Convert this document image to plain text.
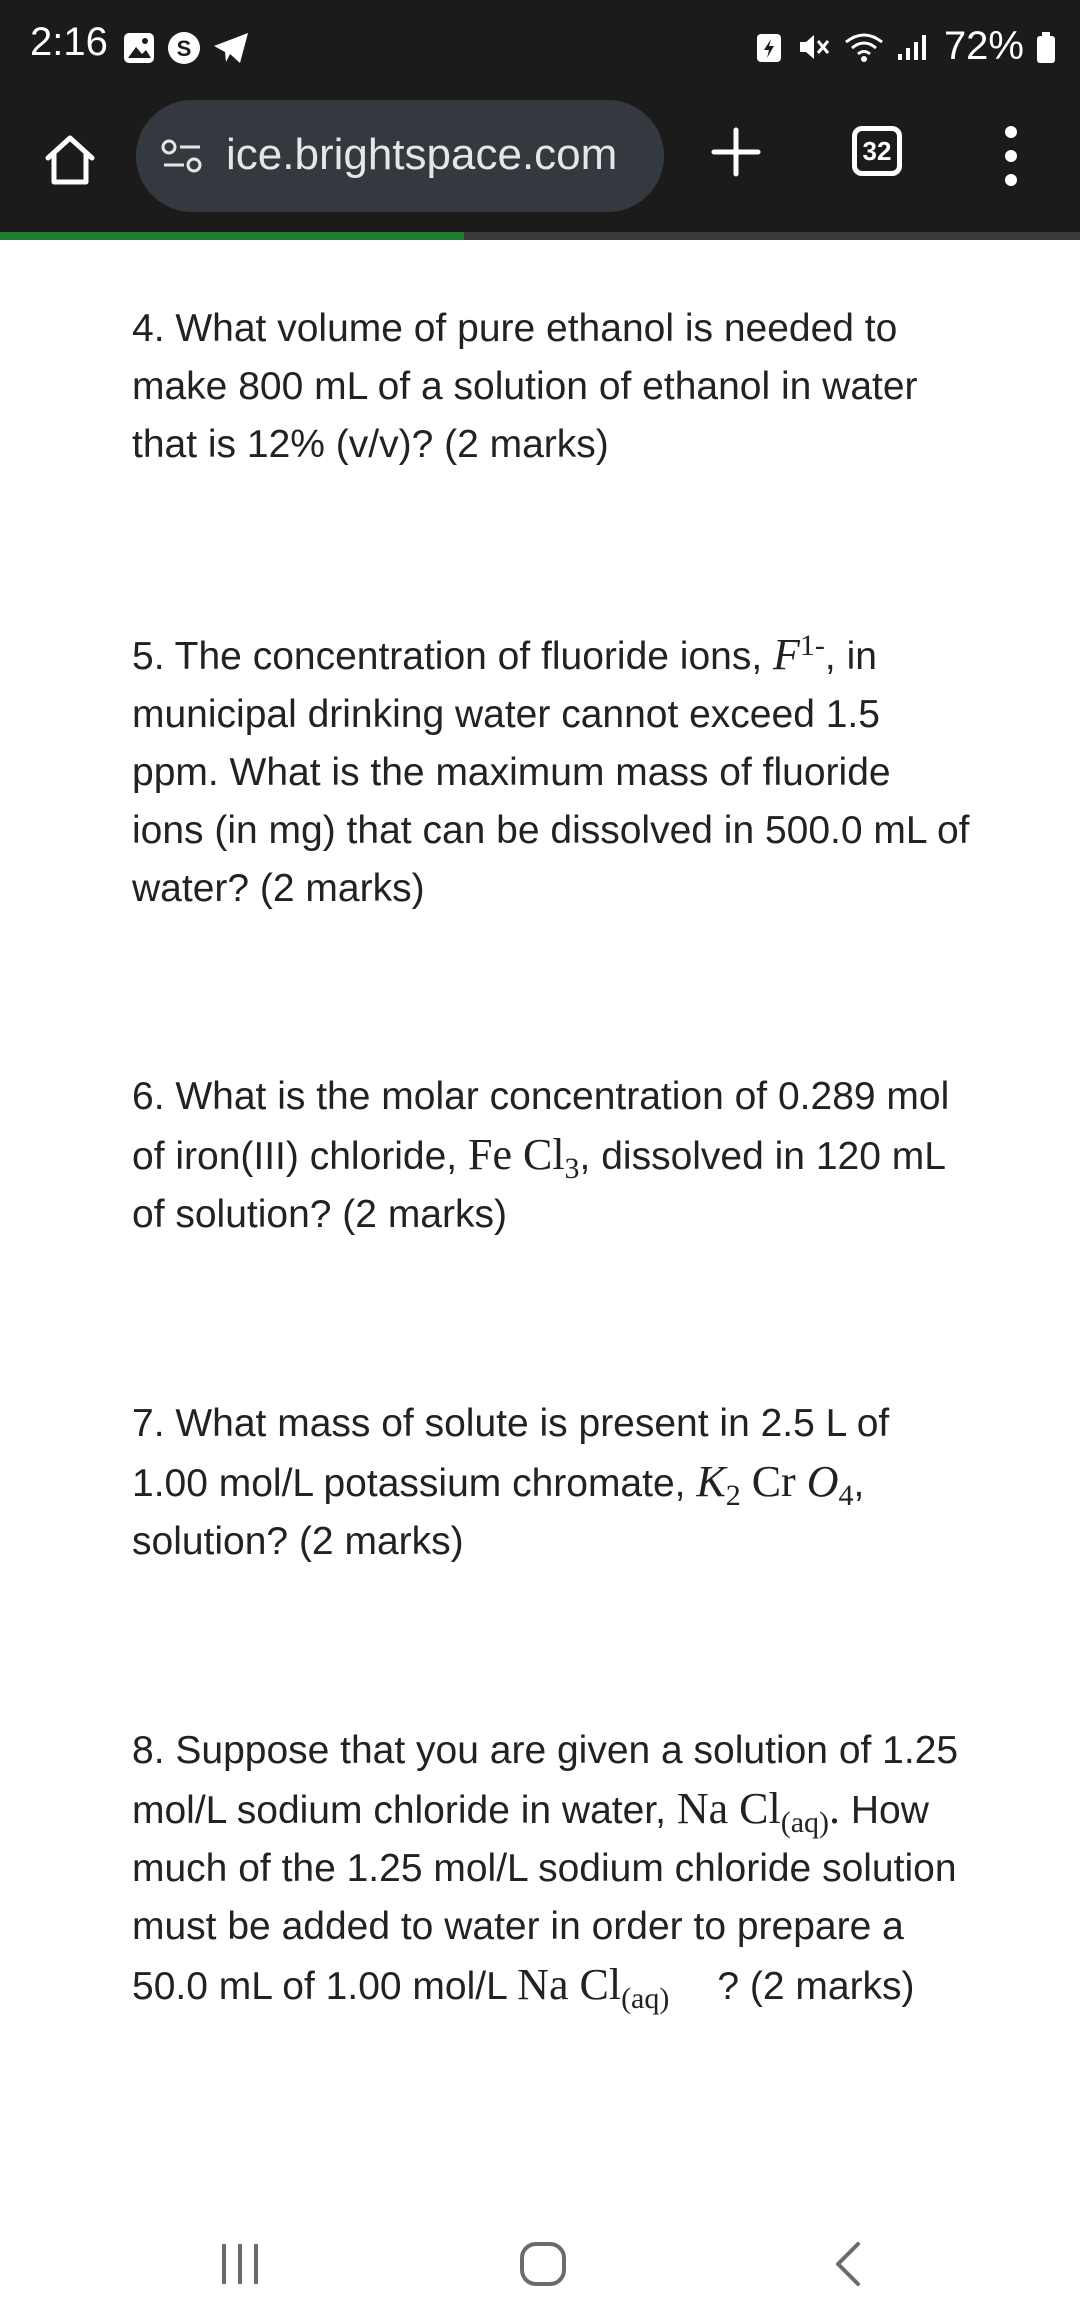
2:16	S	72%
ice.brightspace.com	32
4. What volume of pure ethanol is needed to make 800 mL of a solution of ethanol in water that is 12% (v/v)? (2 marks)
5. The concentration of fluoride ions, $F^{1-}$, in municipal drinking water cannot exceed 1.5 ppm. What is the maximum mass of fluoride ions (in mg) that can be dissolved in 500.0 mL of water? (2 marks)
6. What is the molar concentration of 0.289 mol of iron(III) chloride, Fe $Cl_3$, dissolved in 120 mL of solution? (2 marks)
7. What mass of solute is present in 2.5 L of 1.00 mol/L potassium chromate, $K_2$ Cr $O_4$, solution? (2 marks)
8. Suppose that you are given a solution of 1.25 mol/L sodium chloride in water, Na $Cl_{(aq)}$. How much of the 1.25 mol/L sodium chloride solution must be added to water in order to prepare a 50.0 mL of 1.00 mol/L Na $Cl_{(aq)}$ ? (2 marks)
